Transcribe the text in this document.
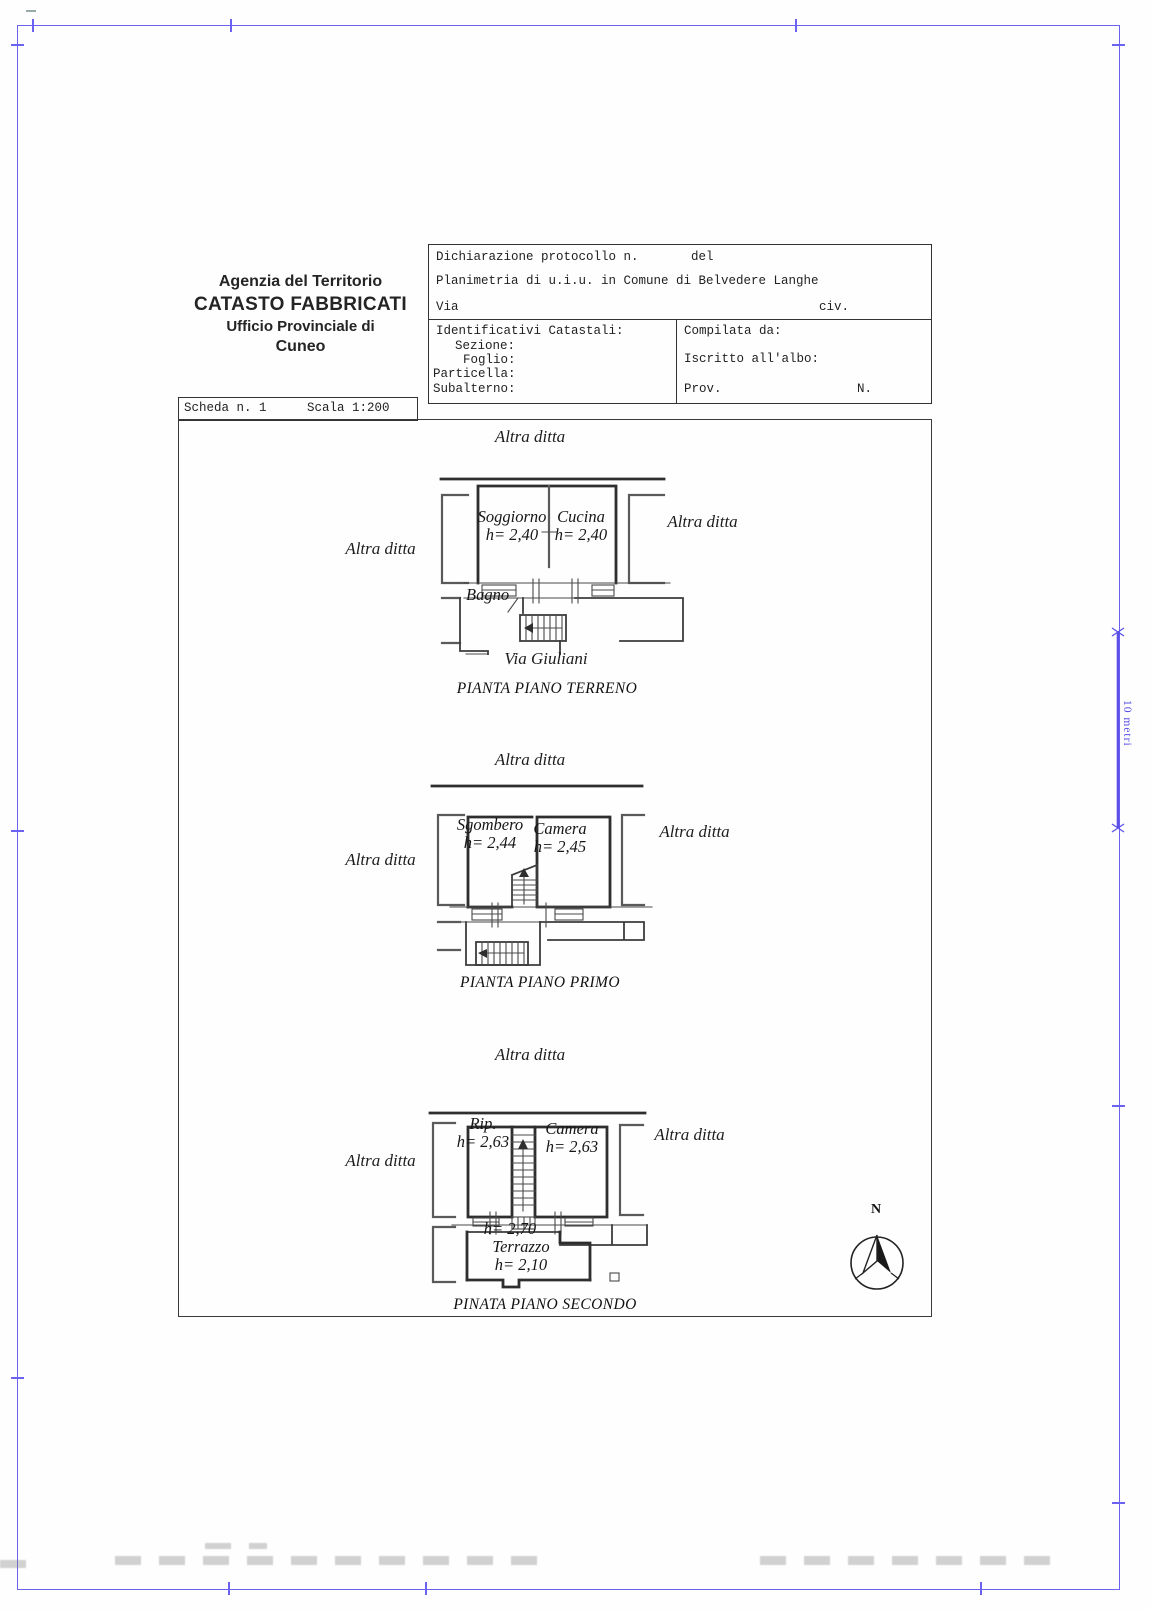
Agenzia del Territorio
CATASTO FABBRICATI
Ufficio Provinciale di
Cuneo
Dichiarazione protocollo n.	del
Planimetria di u.i.u. in Comune di Belvedere Langhe
Via	civ.
Identificativi Catastali:
Sezione:
Foglio:
Particella:
Subalterno:
Compilata da:
Iscritto all'albo:
Prov.	N.
Scheda n. 1	Scala 1:200
Altra ditta
Altra ditta
Altra ditta
Soggiorno
h= 2,40
Cucina
h= 2,40
Bagno
Via Giuliani
PIANTA PIANO TERRENO
Altra ditta
Altra ditta
Altra ditta
Sgombero
h= 2,44
Camera
h= 2,45
PIANTA PIANO PRIMO
Altra ditta
Altra ditta
Altra ditta
Rip.
h= 2,63
Camera
h= 2,63
h= 2,70
Terrazzo
h= 2,10
PINATA PIANO SECONDO
N
10 metri
